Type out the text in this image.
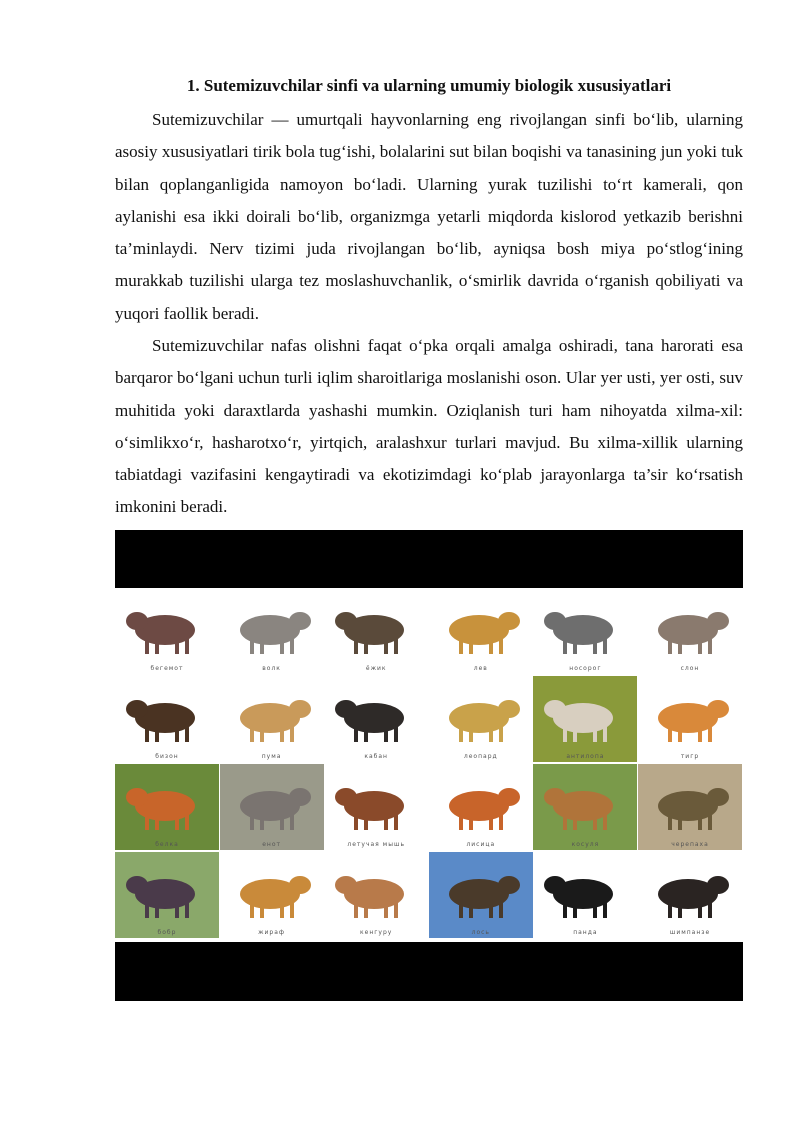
1. Sutemizuvchilar sinfi va ularning umumiy biologik xususiyatlari

Sutemizuvchilar — umurtqali hayvonlarning eng rivojlangan sinfi bo‘lib, ularning asosiy xususiyatlari tirik bola tug‘ishi, bolalarini sut bilan boqishi va tanasining jun yoki tuk bilan qoplanganligida namoyon bo‘ladi. Ularning yurak tuzilishi to‘rt kamerali, qon aylanishi esa ikki doirali bo‘lib, organizmga yetarli miqdorda kislorod yetkazib berishni ta’minlaydi. Nerv tizimi juda rivojlangan bo‘lib, ayniqsa bosh miya po‘stlog‘ining murakkab tuzilishi ularga tez moslashuvchanlik, o‘smirlik davrida o‘rganish qobiliyati va yuqori faollik beradi.

Sutemizuvchilar nafas olishni faqat o‘pka orqali amalga oshiradi, tana harorati esa barqaror bo‘lgani uchun turli iqlim sharoitlariga moslanishi oson. Ular yer usti, yer osti, suv muhitida yoki daraxtlarda yashashi mumkin. Oziqlanish turi ham nihoyatda xilma-xil: o‘simlikxo‘r, hasharotxo‘r, yirtqich, aralashxur turlari mavjud. Bu xilma-xillik ularning tabiatdagi vazifasini kengaytiradi va ekotizimdagi ko‘plab jarayonlarga ta’sir ko‘rsatish imkonini beradi.

бегемот	волк	ёжик	лев	носорог	слон
бизон	пума	кабан	леопард	антилопа	тигр
белка	енот	летучая мышь	лисица	косуля	черепаха
бобр	жираф	кенгуру	лось	панда	шимпанзе
